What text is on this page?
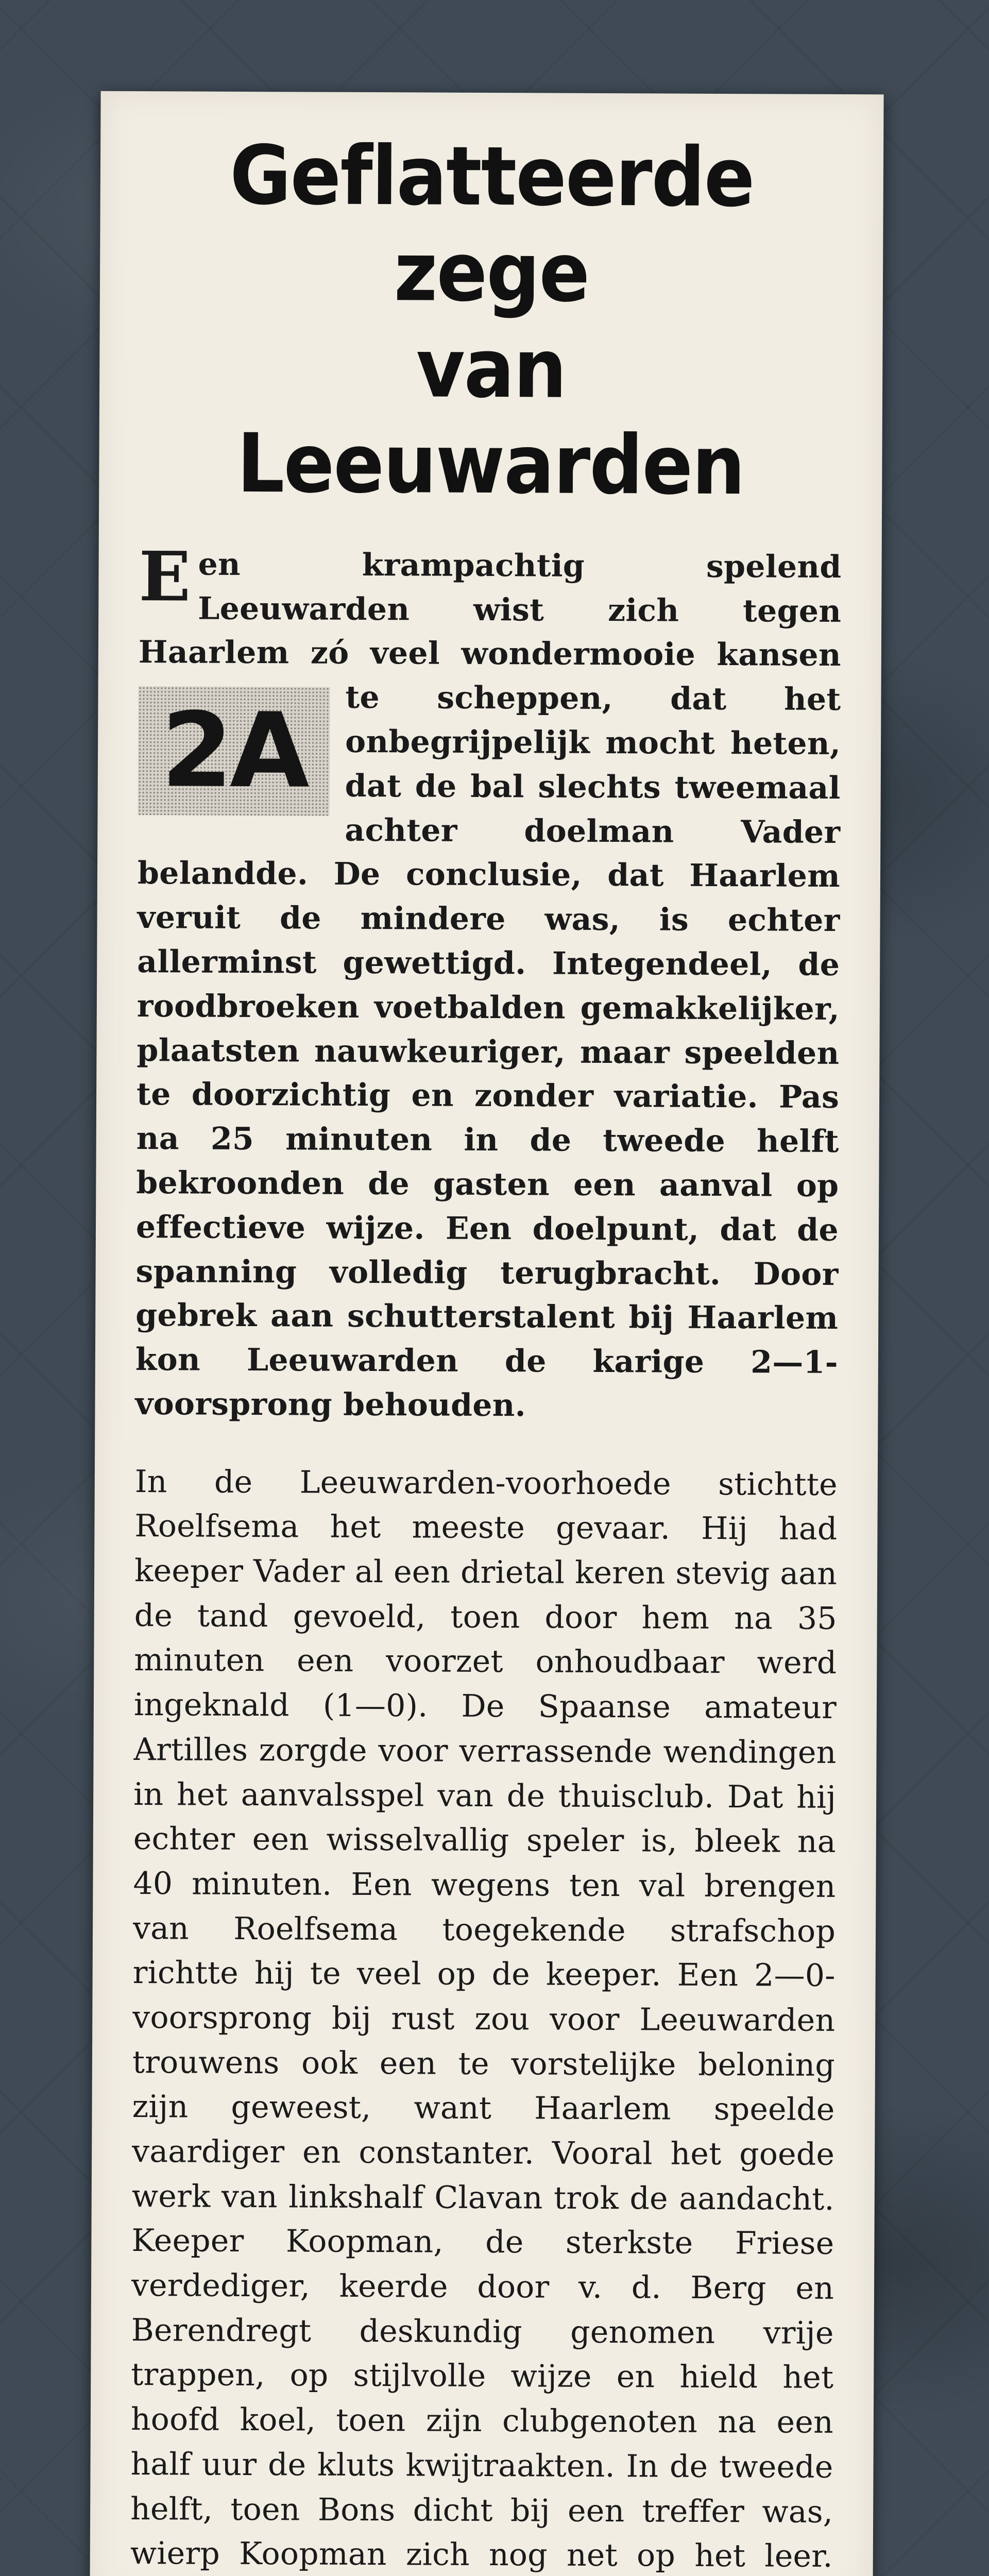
Geflatteerde zege
van Leeuwarden
Een krampachtig spelend Leeuwarden wist zich tegen Haarlem zó veel wondermooie kansen te scheppen, dat
2A	het onbegrijpelijk mocht heten, dat de bal slechts tweemaal achter doelman Vader belandde. De conclusie, dat Haarlem veruit de mindere was, is echter allerminst gewettigd. Integendeel, de roodbroeken voetbalden gemakkelijker, plaatsten nauwkeuriger, maar speelden te doorzichtig en zonder variatie. Pas na 25 minuten in de tweede helft bekroonden de gasten een aanval op effectieve wijze. Een doelpunt, dat de spanning volledig terugbracht. Door gebrek aan schutterstalent bij Haarlem kon Leeuwarden de karige 2—1-voorsprong behouden.
In de Leeuwarden-voorhoede stichtte Roelfsema het meeste gevaar. Hij had keeper Vader al een drietal keren stevig aan de tand gevoeld, toen door hem na 35 minuten een voorzet onhoudbaar werd ingeknald (1—0). De Spaanse amateur Artilles zorgde voor verrassende wendingen in het aanvalsspel van de thuisclub. Dat hij echter een wisselvallig speler is, bleek na 40 minuten. Een wegens ten val brengen van Roelfsema toegekende strafschop richtte hij te veel op de keeper. Een 2—0-voorsprong bij rust zou voor Leeuwarden trouwens ook een te vorstelijke beloning zijn geweest, want Haarlem speelde vaardiger en constanter. Vooral het goede werk van linkshalf Clavan trok de aandacht. Keeper Koopman, de sterkste Friese verdediger, keerde door v. d. Berg en Berendregt deskundig genomen vrije trappen, op stijlvolle wijze en hield het hoofd koel, toen zijn clubgenoten na een half uur de kluts kwijtraakten. In de tweede helft, toen Bons dicht bij een treffer was, wierp Koopman zich nog net op het leer.
